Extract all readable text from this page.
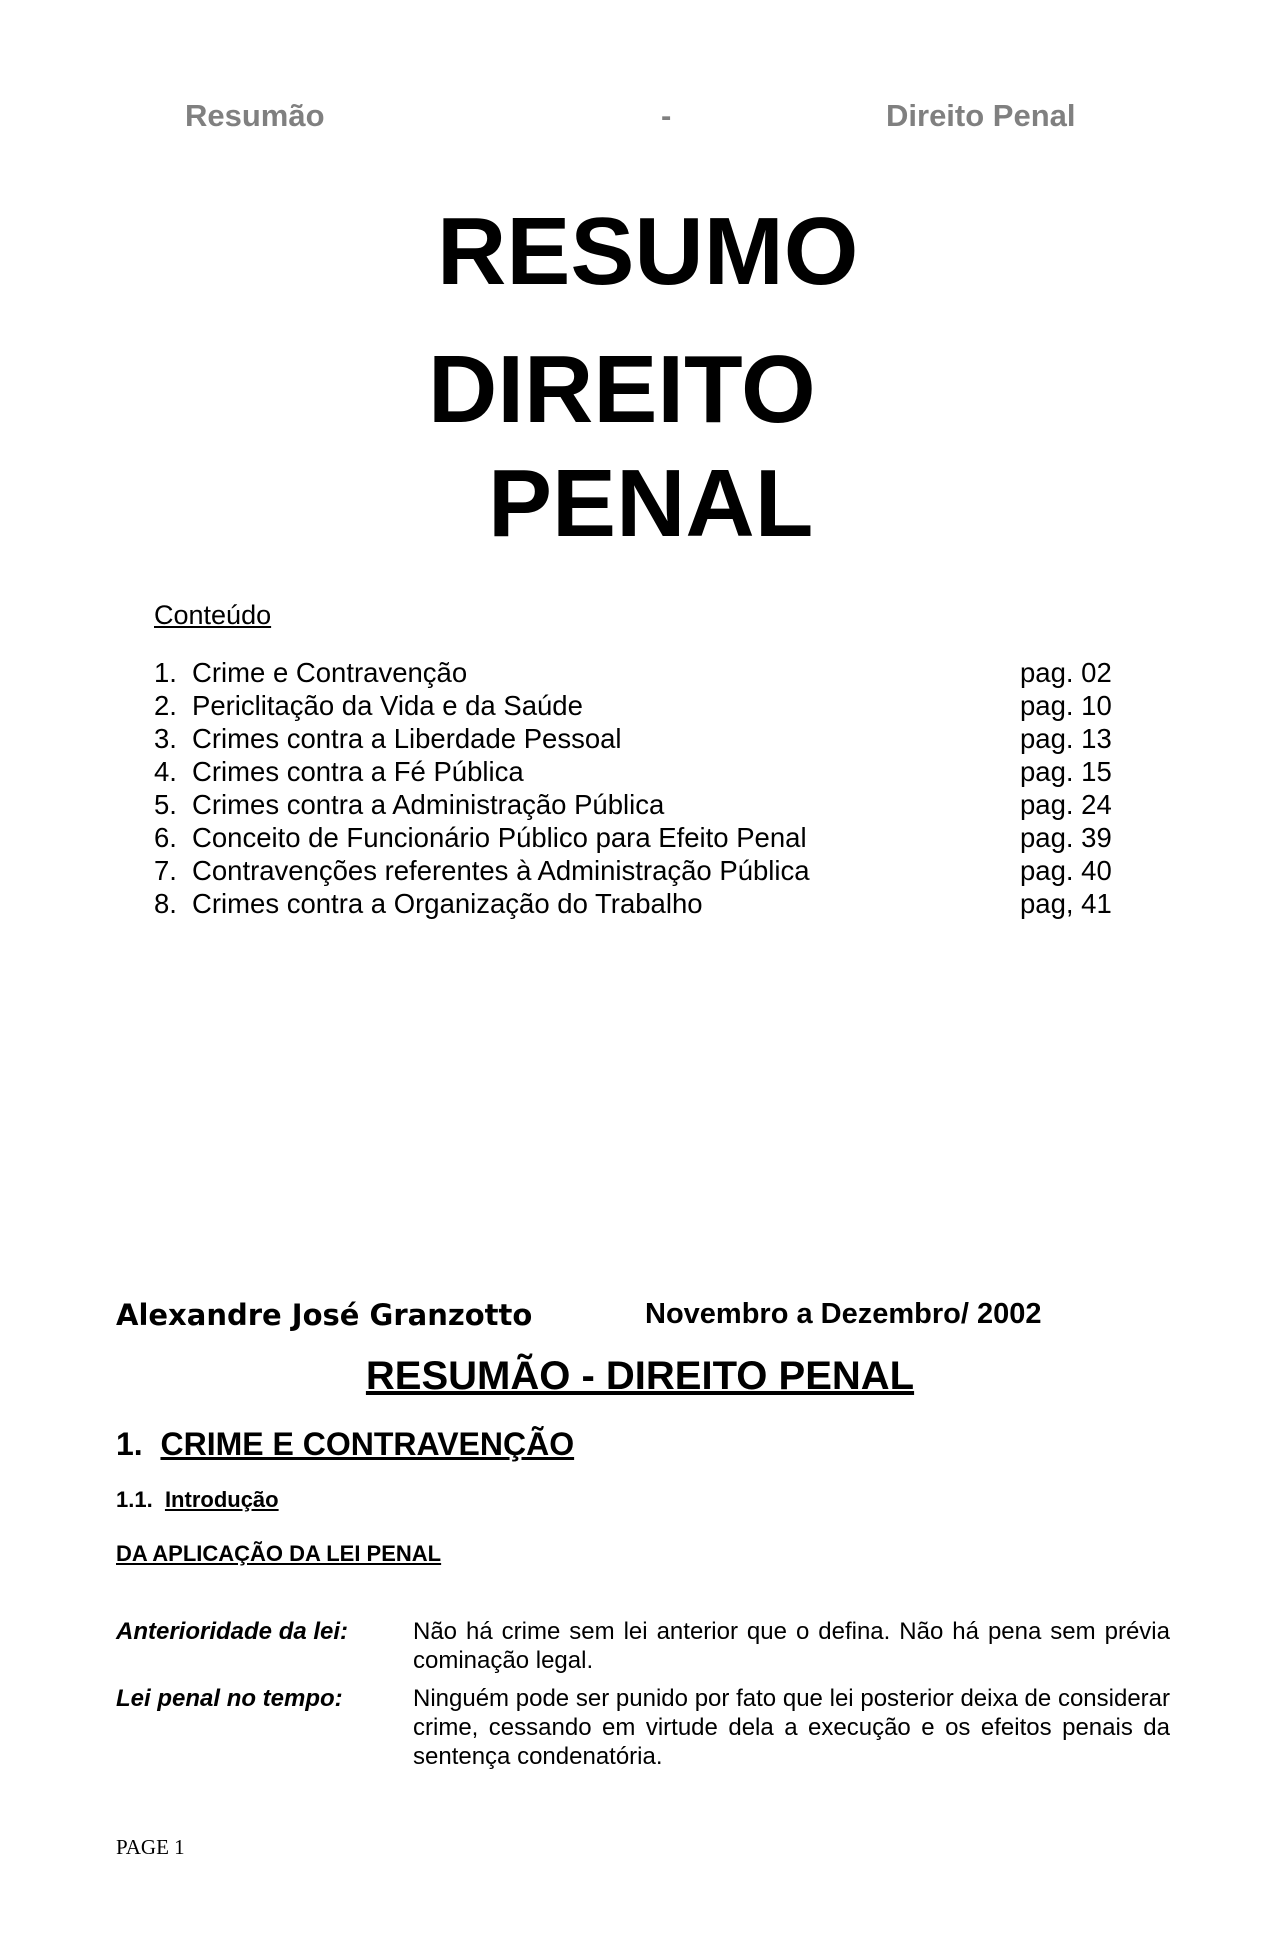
Resumão	-	Direito Penal
RESUMO
DIREITO
PENAL
Conteúdo
1. Crime e Contravenção	pag. 02
2. Periclitação da Vida e da Saúde	pag. 10
3. Crimes contra a Liberdade Pessoal	pag. 13
4. Crimes contra a Fé Pública	pag. 15
5. Crimes contra a Administração Pública	pag. 24
6. Conceito de Funcionário Público para Efeito Penal	pag. 39
7. Contravenções referentes à Administração Pública	pag. 40
8. Crimes contra a Organização do Trabalho	pag, 41
Alexandre José Granzotto	Novembro a Dezembro/ 2002
RESUMÃO - DIREITO PENAL
1. CRIME E CONTRAVENÇÃO
1.1. Introdução
DA APLICAÇÃO DA LEI PENAL
Anterioridade da lei:	Não há crime sem lei anterior que o defina. Não há pena sem prévia cominação legal.
Lei penal no tempo:	Ninguém pode ser punido por fato que lei posterior deixa de considerar crime, cessando em virtude dela a execução e os efeitos penais da sentença condenatória.
PAGE 1
